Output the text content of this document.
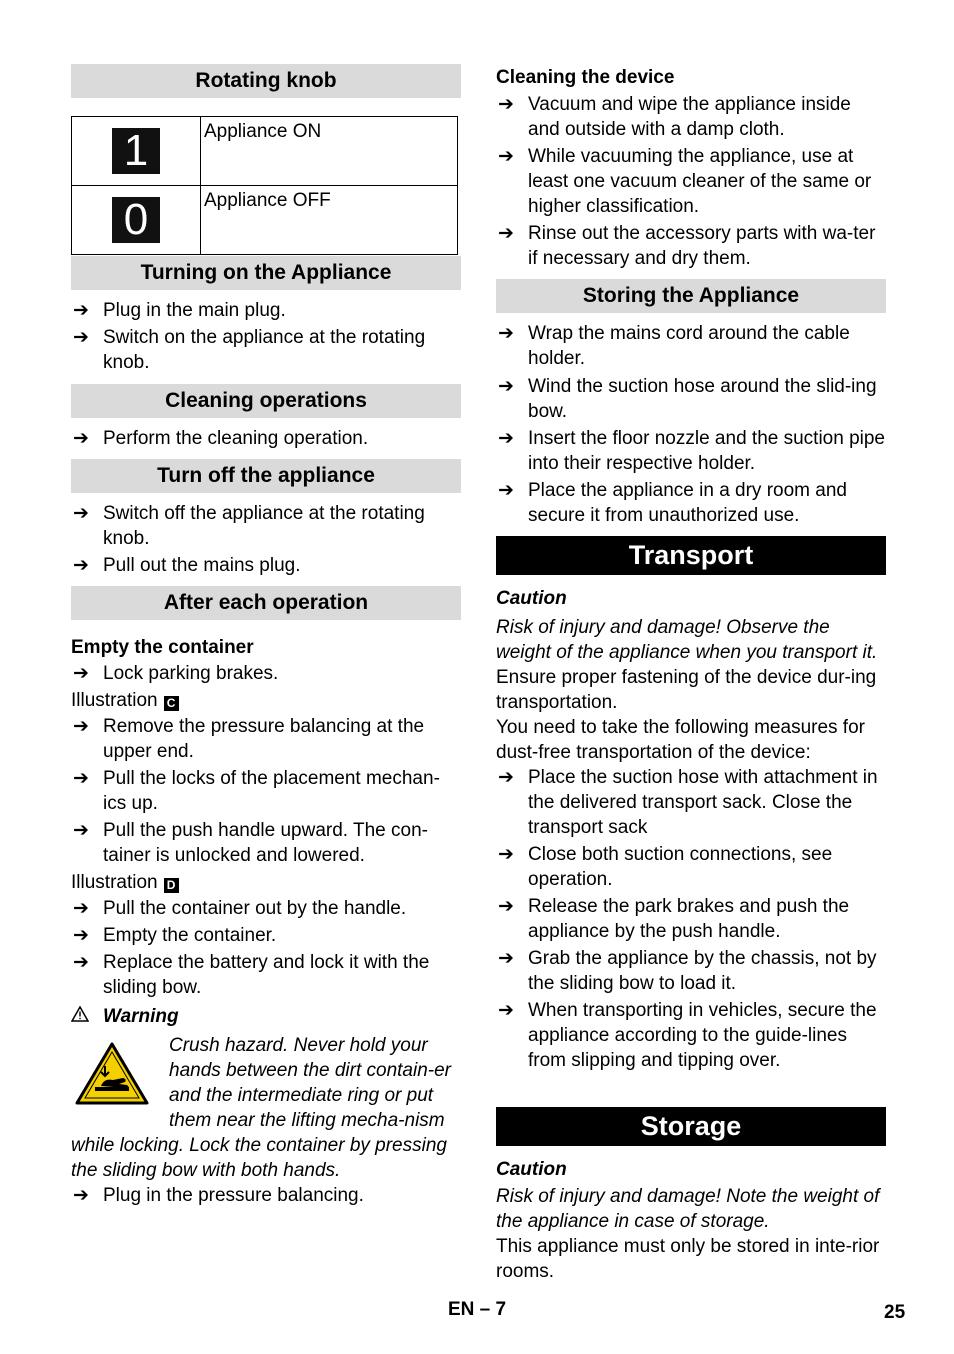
Rotating knob
1	Appliance ON
0	Appliance OFF
Turning on the Appliance
➔ Plug in the main plug.
➔ Switch on the appliance at the rotating knob.
Cleaning operations
➔ Perform the cleaning operation.
Turn off the appliance
➔ Switch off the appliance at the rotating knob.
➔ Pull out the mains plug.
After each operation
Empty the container
➔ Lock parking brakes.
Illustration C
➔ Remove the pressure balancing at the upper end.
➔ Pull the locks of the placement mechan-ics up.
➔ Pull the push handle upward. The con-tainer is unlocked and lowered.
Illustration D
➔ Pull the container out by the handle.
➔ Empty the container.
➔ Replace the battery and lock it with the sliding bow.
Warning
Crush hazard. Never hold your hands between the dirt contain-er and the intermediate ring or put them near the lifting mecha-nism while locking. Lock the container by pressing the sliding bow with both hands.
➔ Plug in the pressure balancing.
Cleaning the device
➔ Vacuum and wipe the appliance inside and outside with a damp cloth.
➔ While vacuuming the appliance, use at least one vacuum cleaner of the same or higher classification.
➔ Rinse out the accessory parts with wa-ter if necessary and dry them.
Storing the Appliance
➔ Wrap the mains cord around the cable holder.
➔ Wind the suction hose around the slid-ing bow.
➔ Insert the floor nozzle and the suction pipe into their respective holder.
➔ Place the appliance in a dry room and secure it from unauthorized use.
Transport
Caution
Risk of injury and damage! Observe the weight of the appliance when you transport it.
Ensure proper fastening of the device dur-ing transportation.
You need to take the following measures for dust-free transportation of the device:
➔ Place the suction hose with attachment in the delivered transport sack. Close the transport sack
➔ Close both suction connections, see operation.
➔ Release the park brakes and push the appliance by the push handle.
➔ Grab the appliance by the chassis, not by the sliding bow to load it.
➔ When transporting in vehicles, secure the appliance according to the guide-lines from slipping and tipping over.
Storage
Caution
Risk of injury and damage! Note the weight of the appliance in case of storage.
This appliance must only be stored in inte-rior rooms.
EN – 7	25
